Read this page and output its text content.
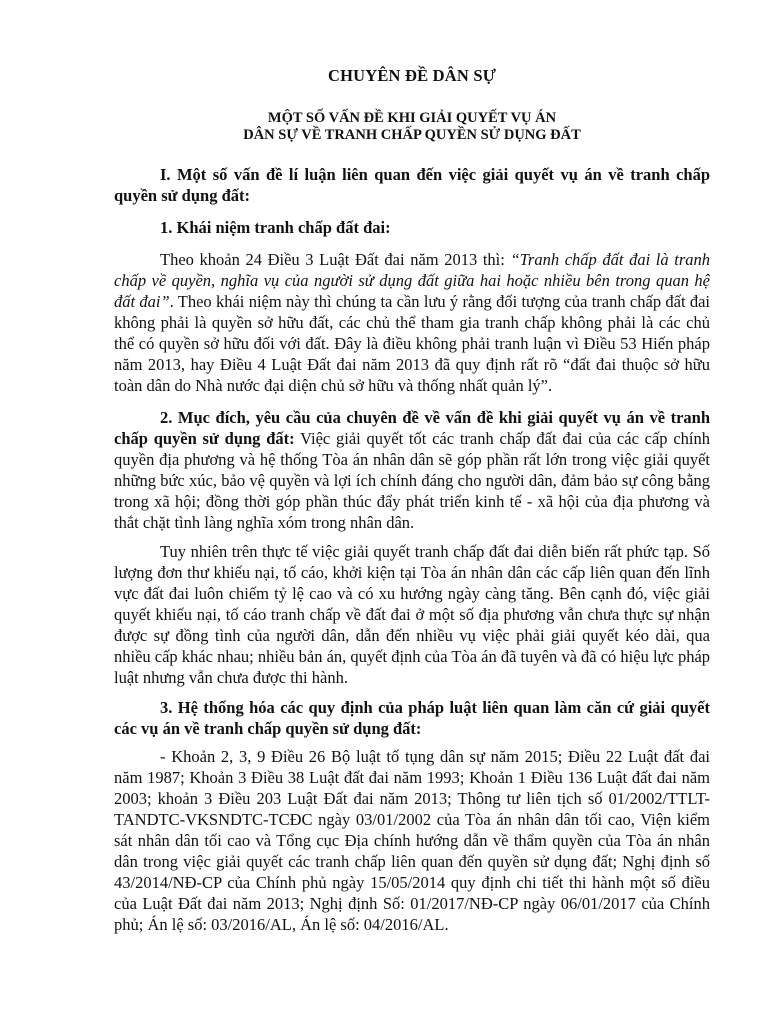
CHUYÊN ĐỀ DÂN SỰ
MỘT SỐ VẤN ĐỀ KHI GIẢI QUYẾT VỤ ÁN
DÂN SỰ VỀ TRANH CHẤP QUYỀN SỬ DỤNG ĐẤT

I. Một số vấn đề lí luận liên quan đến việc giải quyết vụ án về tranh chấp quyền sử dụng đất:

1. Khái niệm tranh chấp đất đai:

Theo khoản 24 Điều 3 Luật Đất đai năm 2013 thì: “Tranh chấp đất đai là tranh chấp về quyền, nghĩa vụ của người sử dụng đất giữa hai hoặc nhiều bên trong quan hệ đất đai”. Theo khái niệm này thì chúng ta cần lưu ý rằng đối tượng của tranh chấp đất đai không phải là quyền sở hữu đất, các chủ thể tham gia tranh chấp không phải là các chủ thể có quyền sở hữu đối với đất. Đây là điều không phải tranh luận vì Điều 53 Hiến pháp năm 2013, hay Điều 4 Luật Đất đai năm 2013 đã quy định rất rõ “đất đai thuộc sở hữu toàn dân do Nhà nước đại diện chủ sở hữu và thống nhất quản lý”.

2. Mục đích, yêu cầu của chuyên đề về vấn đề khi giải quyết vụ án về tranh chấp quyền sử dụng đất: Việc giải quyết tốt các tranh chấp đất đai của các cấp chính quyền địa phương và hệ thống Tòa án nhân dân sẽ góp phần rất lớn trong việc giải quyết những bức xúc, bảo vệ quyền và lợi ích chính đáng cho người dân, đảm bảo sự công bằng trong xã hội; đồng thời góp phần thúc đẩy phát triển kinh tế - xã hội của địa phương và thắt chặt tình làng nghĩa xóm trong nhân dân.

Tuy nhiên trên thực tế việc giải quyết tranh chấp đất đai diễn biến rất phức tạp. Số lượng đơn thư khiếu nại, tố cáo, khởi kiện tại Tòa án nhân dân các cấp liên quan đến lĩnh vực đất đai luôn chiếm tỷ lệ cao và có xu hướng ngày càng tăng. Bên cạnh đó, việc giải quyết khiếu nại, tố cáo tranh chấp về đất đai ở một số địa phương vẫn chưa thực sự nhận được sự đồng tình của người dân, dẫn đến nhiều vụ việc phải giải quyết kéo dài, qua nhiều cấp khác nhau; nhiều bản án, quyết định của Tòa án đã tuyên và đã có hiệu lực pháp luật nhưng vẫn chưa được thi hành.

3. Hệ thống hóa các quy định của pháp luật liên quan làm căn cứ giải quyết các vụ án về tranh chấp quyền sử dụng đất:

- Khoản 2, 3, 9 Điều 26 Bộ luật tố tụng dân sự năm 2015; Điều 22 Luật đất đai năm 1987; Khoản 3 Điều 38 Luật đất đai năm 1993; Khoản 1 Điều 136 Luật đất đai năm 2003; khoản 3 Điều 203 Luật Đất đai năm 2013; Thông tư liên tịch số 01/2002/TTLT-TANDTC-VKSNDTC-TCĐC ngày 03/01/2002 của Tòa án nhân dân tối cao, Viện kiểm sát nhân dân tối cao và Tổng cục Địa chính hướng dẫn về thẩm quyền của Tòa án nhân dân trong việc giải quyết các tranh chấp liên quan đến quyền sử dụng đất; Nghị định số 43/2014/NĐ-CP của Chính phủ ngày 15/05/2014 quy định chi tiết thi hành một số điều của Luật Đất đai năm 2013; Nghị định Số: 01/2017/NĐ-CP ngày 06/01/2017 của Chính phủ; Án lệ số: 03/2016/AL, Án lệ số: 04/2016/AL.
